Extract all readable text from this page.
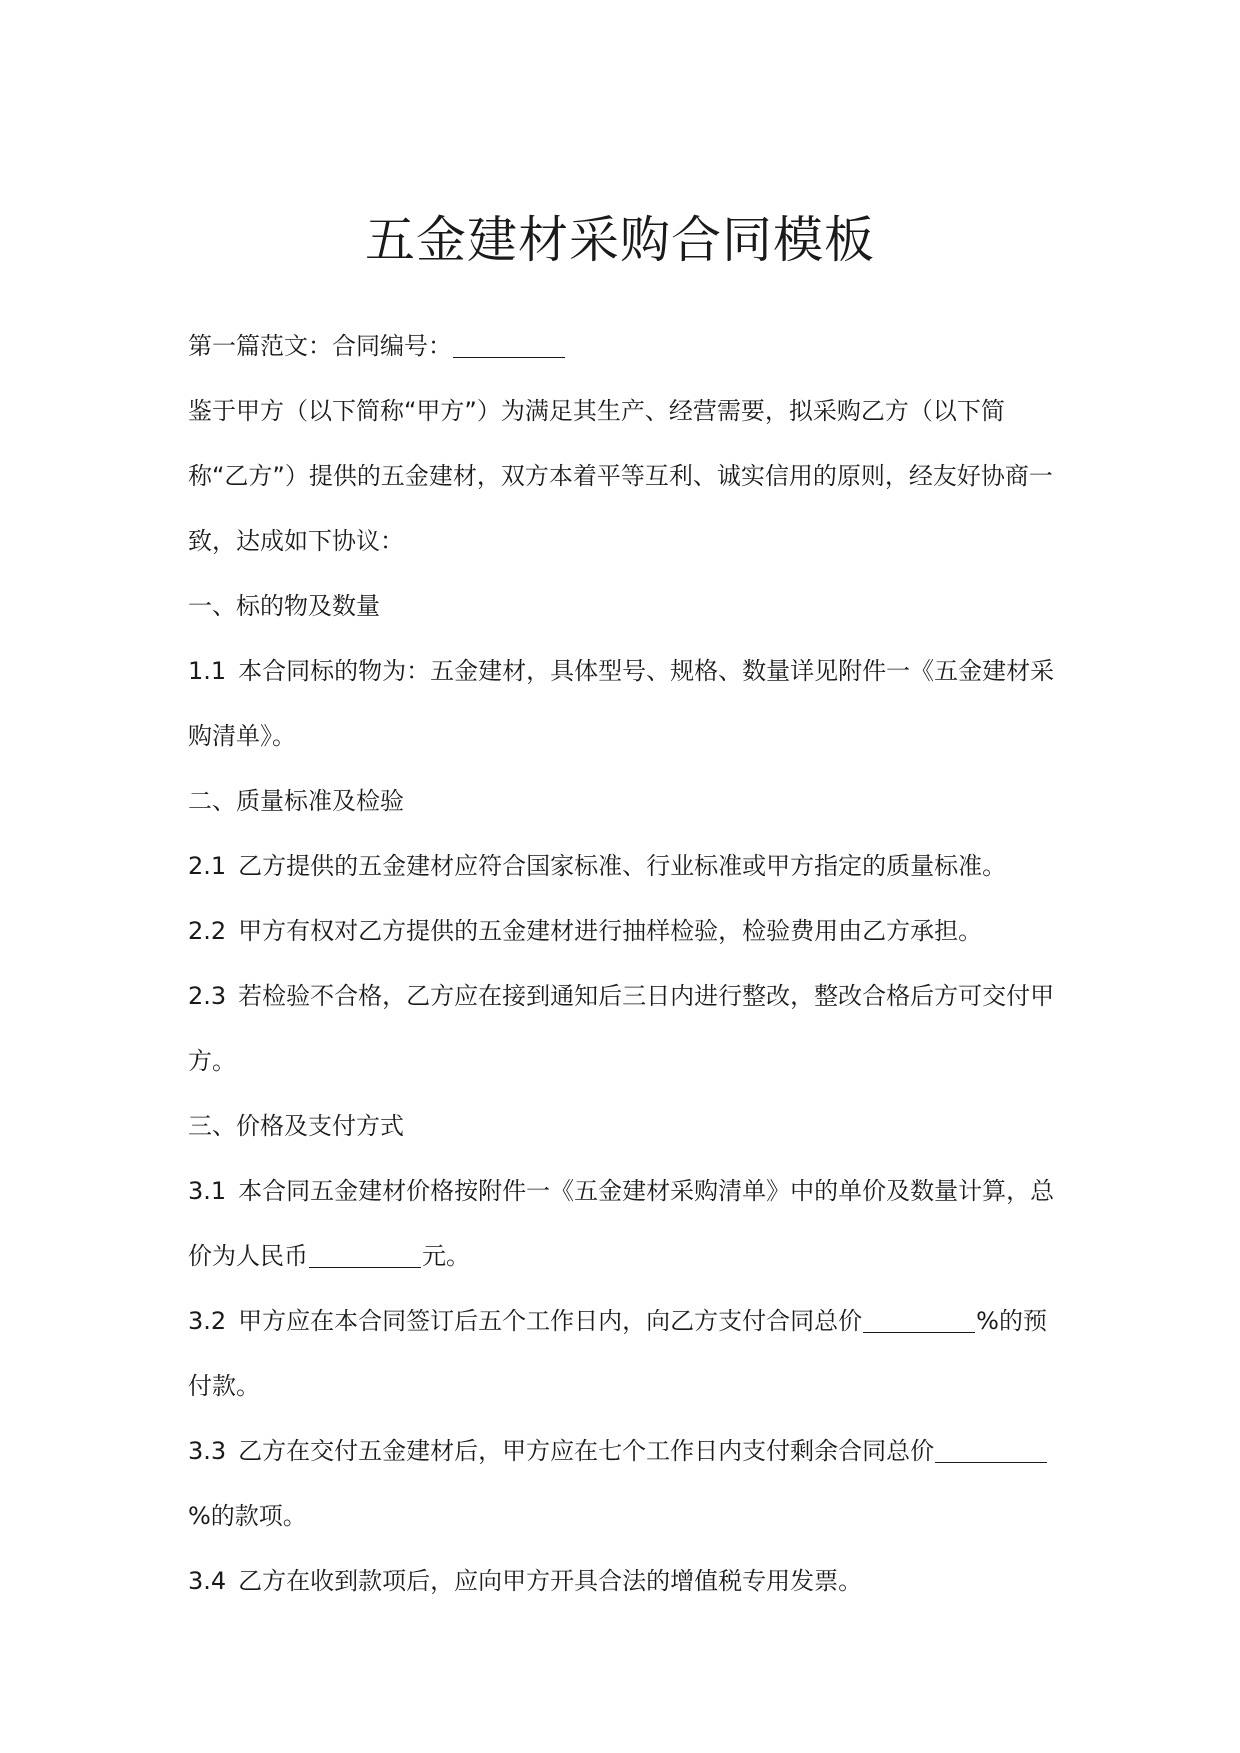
五金建材采购合同模板

第一篇范文：合同编号：

鉴于甲方（以下简称“甲方”）为满足其生产、经营需要，拟采购乙方（以下简称“乙方”）提供的五金建材，双方本着平等互利、诚实信用的原则，经友好协商一致，达成如下协议：

一、标的物及数量

1.1 本合同标的物为：五金建材，具体型号、规格、数量详见附件一《五金建材采购清单》。

二、质量标准及检验

2.1 乙方提供的五金建材应符合国家标准、行业标准或甲方指定的质量标准。

2.2 甲方有权对乙方提供的五金建材进行抽样检验，检验费用由乙方承担。

2.3 若检验不合格，乙方应在接到通知后三日内进行整改，整改合格后方可交付甲方。

三、价格及支付方式

3.1 本合同五金建材价格按附件一《五金建材采购清单》中的单价及数量计算，总价为人民币	元。

3.2 甲方应在本合同签订后五个工作日内，向乙方支付合同总价	%的预付款。

3.3 乙方在交付五金建材后，甲方应在七个工作日内支付剩余合同总价%的款项。

3.4 乙方在收到款项后，应向甲方开具合法的增值税专用发票。
